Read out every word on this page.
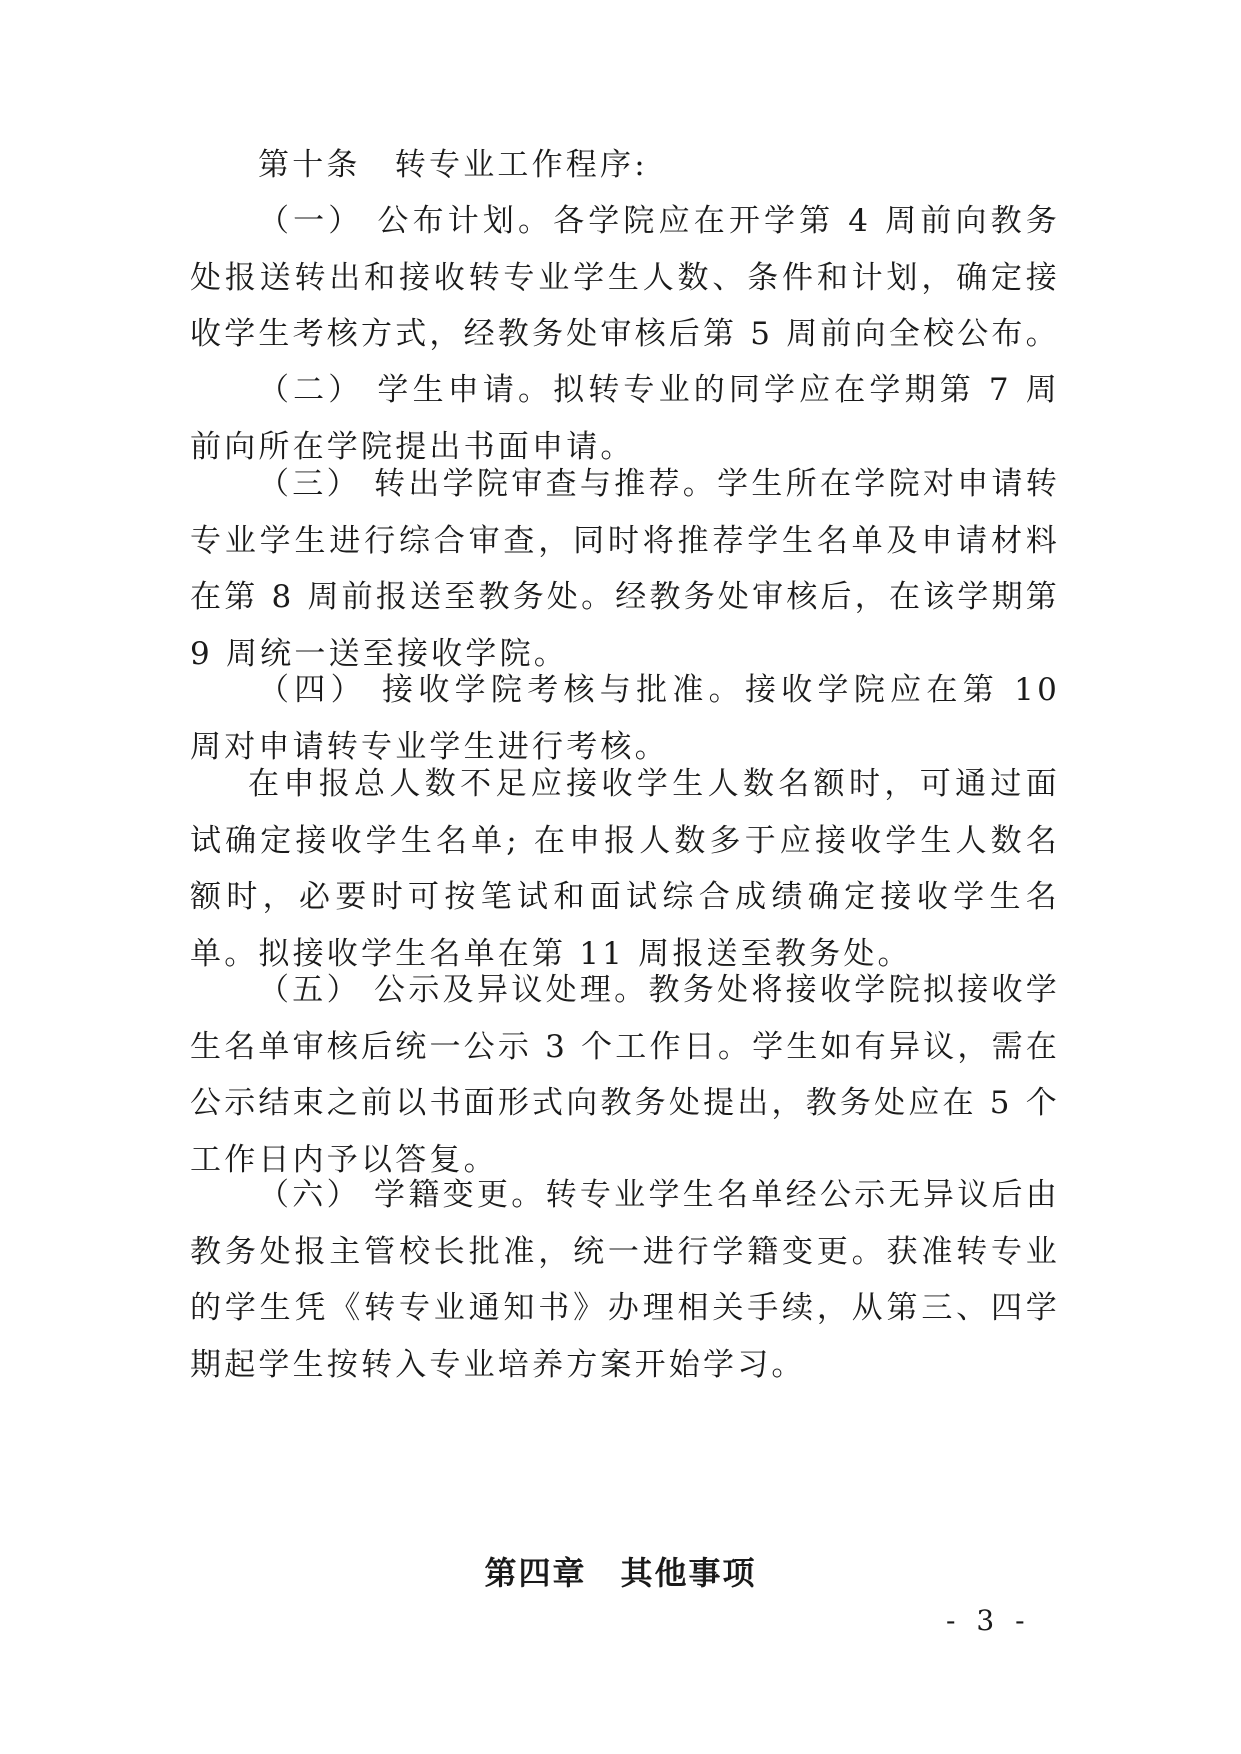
第十条　转专业工作程序:

（一） 公布计划。各学院应在开学第 4 周前向教务处报送转出和接收转专业学生人数、条件和计划，确定接收学生考核方式，经教务处审核后第 5 周前向全校公布。

（二） 学生申请。拟转专业的同学应在学期第 7 周前向所在学院提出书面申请。

（三） 转出学院审查与推荐。学生所在学院对申请转专业学生进行综合审查，同时将推荐学生名单及申请材料在第 8 周前报送至教务处。经教务处审核后，在该学期第 9 周统一送至接收学院。

（四） 接收学院考核与批准。接收学院应在第 10 周对申请转专业学生进行考核。

在申报总人数不足应接收学生人数名额时，可通过面试确定接收学生名单; 在申报人数多于应接收学生人数名额时，必要时可按笔试和面试综合成绩确定接收学生名单。拟接收学生名单在第 11 周报送至教务处。

（五） 公示及异议处理。教务处将接收学院拟接收学生名单审核后统一公示 3 个工作日。学生如有异议，需在公示结束之前以书面形式向教务处提出，教务处应在 5 个工作日内予以答复。

（六） 学籍变更。转专业学生名单经公示无异议后由教务处报主管校长批准，统一进行学籍变更。获准转专业的学生凭《转专业通知书》办理相关手续，从第三、四学期起学生按转入专业培养方案开始学习。

第四章　其他事项

- 3 -
